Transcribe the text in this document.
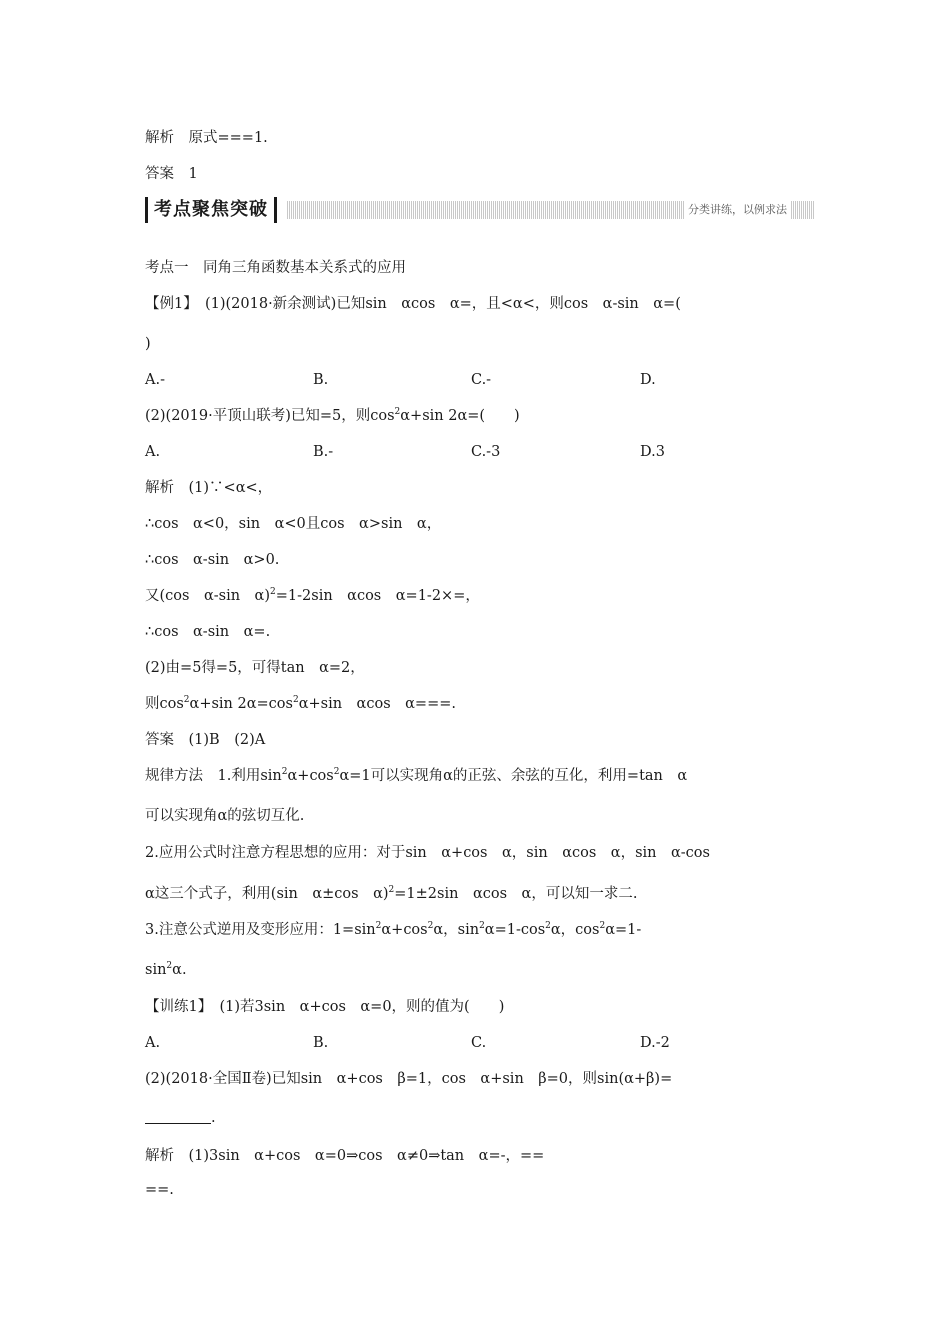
解析　原式===1.
答案　1
考点聚焦突破	分类讲练，以例求法
考点一　同角三角函数基本关系式的应用
【例1】　(1)(2018·新余测试)已知sin　αcos　α=，且<α<，则cos　α-sin　α=(
)
A.-	B.	C.-	D.
(2)(2019·平顶山联考)已知=5，则$\cos^2\alpha+\sin$ 2α=(　　)
A.	B.-	C.-3	D.3
解析　(1)∵<α<，
∴cos　α<0，sin　α<0且cos　α>sin　α，
∴cos　α-sin　α>0.
又(cos　α-sin　α)$^2$=1-2sin　αcos　α=1-2×=，
∴cos　α-sin　α=.
(2)由=5得=5，可得tan　α=2，
则$\cos^2\alpha+\sin$ $2\alpha=\cos^2\alpha+\sin$　αcos　α===.
答案　(1)B　(2)A
规律方法　1.利用$\sin^2\alpha+\cos^2\alpha=1$可以实现角α的正弦、余弦的互化，利用=tan　α
可以实现角α的弦切互化.
2.应用公式时注意方程思想的应用：对于sin　α+cos　α，sin　αcos　α，sin　α-cos
α这三个式子，利用(sin　α±cos　α)$^2$=1±2sin　αcos　α，可以知一求二.
3.注意公式逆用及变形应用：$1=\sin^2\alpha+\cos^2\alpha$，$\sin^2\alpha=1-\cos^2\alpha$，$\cos^2\alpha=1-$
$\sin^2\alpha$.
【训练1】　(1)若3sin　α+cos　α=0，则的值为(　　)
A.	B.	C.	D.-2
(2)(2018·全国Ⅱ卷)已知sin　α+cos　β=1，cos　α+sin　β=0，则sin(α+β)=
.
解析　(1)3sin　α+cos　α=0⇒cos　α≠0⇒tan　α=-，==
==.
